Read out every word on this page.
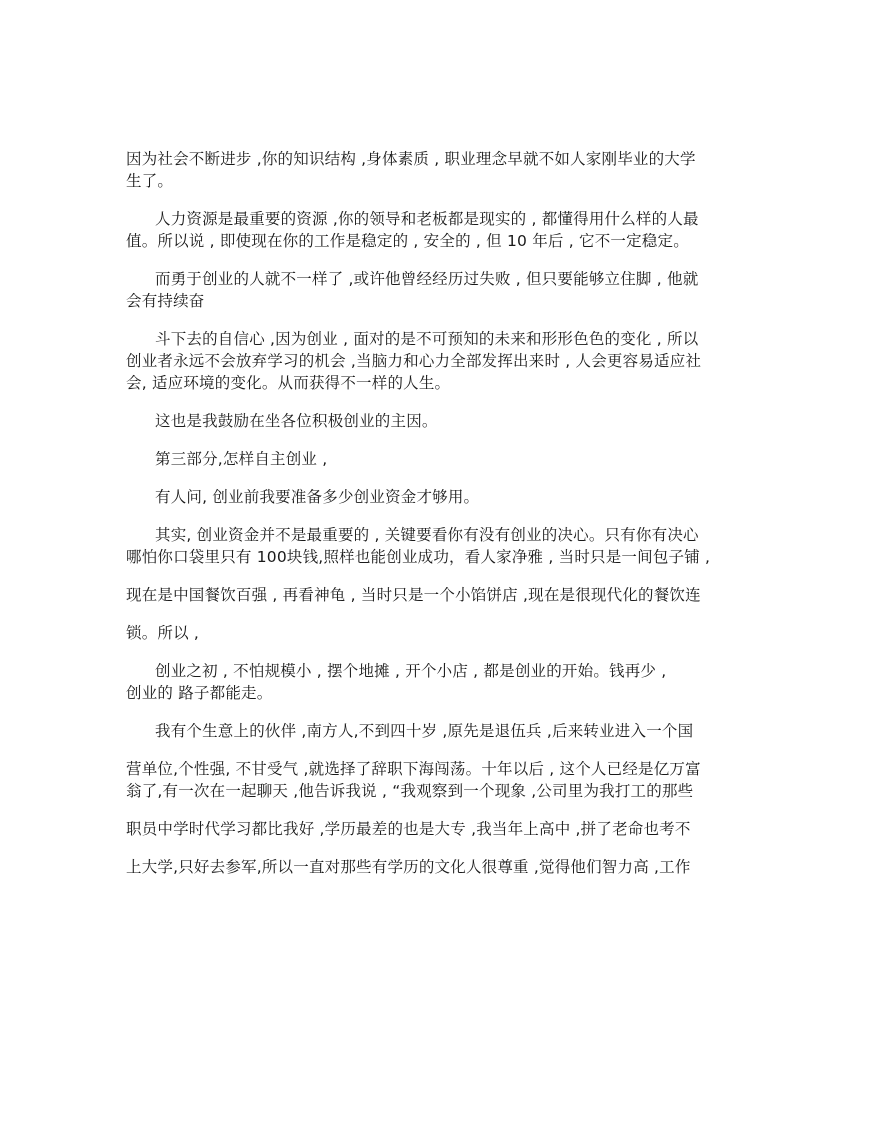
因为社会不断进步 ,你的知识结构 ,身体素质 , 职业理念早就不如人家刚毕业的大学
生了。
人力资源是最重要的资源 ,你的领导和老板都是现实的 , 都懂得用什么样的人最
值。所以说 , 即使现在你的工作是稳定的 , 安全的 , 但 10 年后 , 它不一定稳定。
而勇于创业的人就不一样了 ,或许他曾经经历过失败 , 但只要能够立住脚 , 他就
会有持续奋
斗下去的自信心 ,因为创业 , 面对的是不可预知的未来和形形色色的变化 , 所以
创业者永远不会放弃学习的机会 ,当脑力和心力全部发挥出来时 , 人会更容易适应社
会, 适应环境的变化。从而获得不一样的人生。
这也是我鼓励在坐各位积极创业的主因。
第三部分,怎样自主创业 ,
有人问, 创业前我要准备多少创业资金才够用。
其实, 创业资金并不是最重要的 , 关键要看你有没有创业的决心。只有你有决心
哪怕你口袋里只有 100块钱,照样也能创业成功，看人家净雅 , 当时只是一间包子铺 ,
现在是中国餐饮百强 , 再看神龟 , 当时只是一个小馅饼店 ,现在是很现代化的餐饮连
锁。所以 ,
创业之初 , 不怕规模小 , 摆个地摊 , 开个小店 , 都是创业的开始。钱再少 ,
创业的 路子都能走。
我有个生意上的伙伴 ,南方人,不到四十岁 ,原先是退伍兵 ,后来转业进入一个国
营单位,个性强, 不甘受气 ,就选择了辞职下海闯荡。十年以后 , 这个人已经是亿万富
翁了,有一次在一起聊天 ,他告诉我说 , “我观察到一个现象 ,公司里为我打工的那些
职员中学时代学习都比我好 ,学历最差的也是大专 ,我当年上高中 ,拼了老命也考不
上大学,只好去参军,所以一直对那些有学历的文化人很尊重 ,觉得他们智力高 ,工作
